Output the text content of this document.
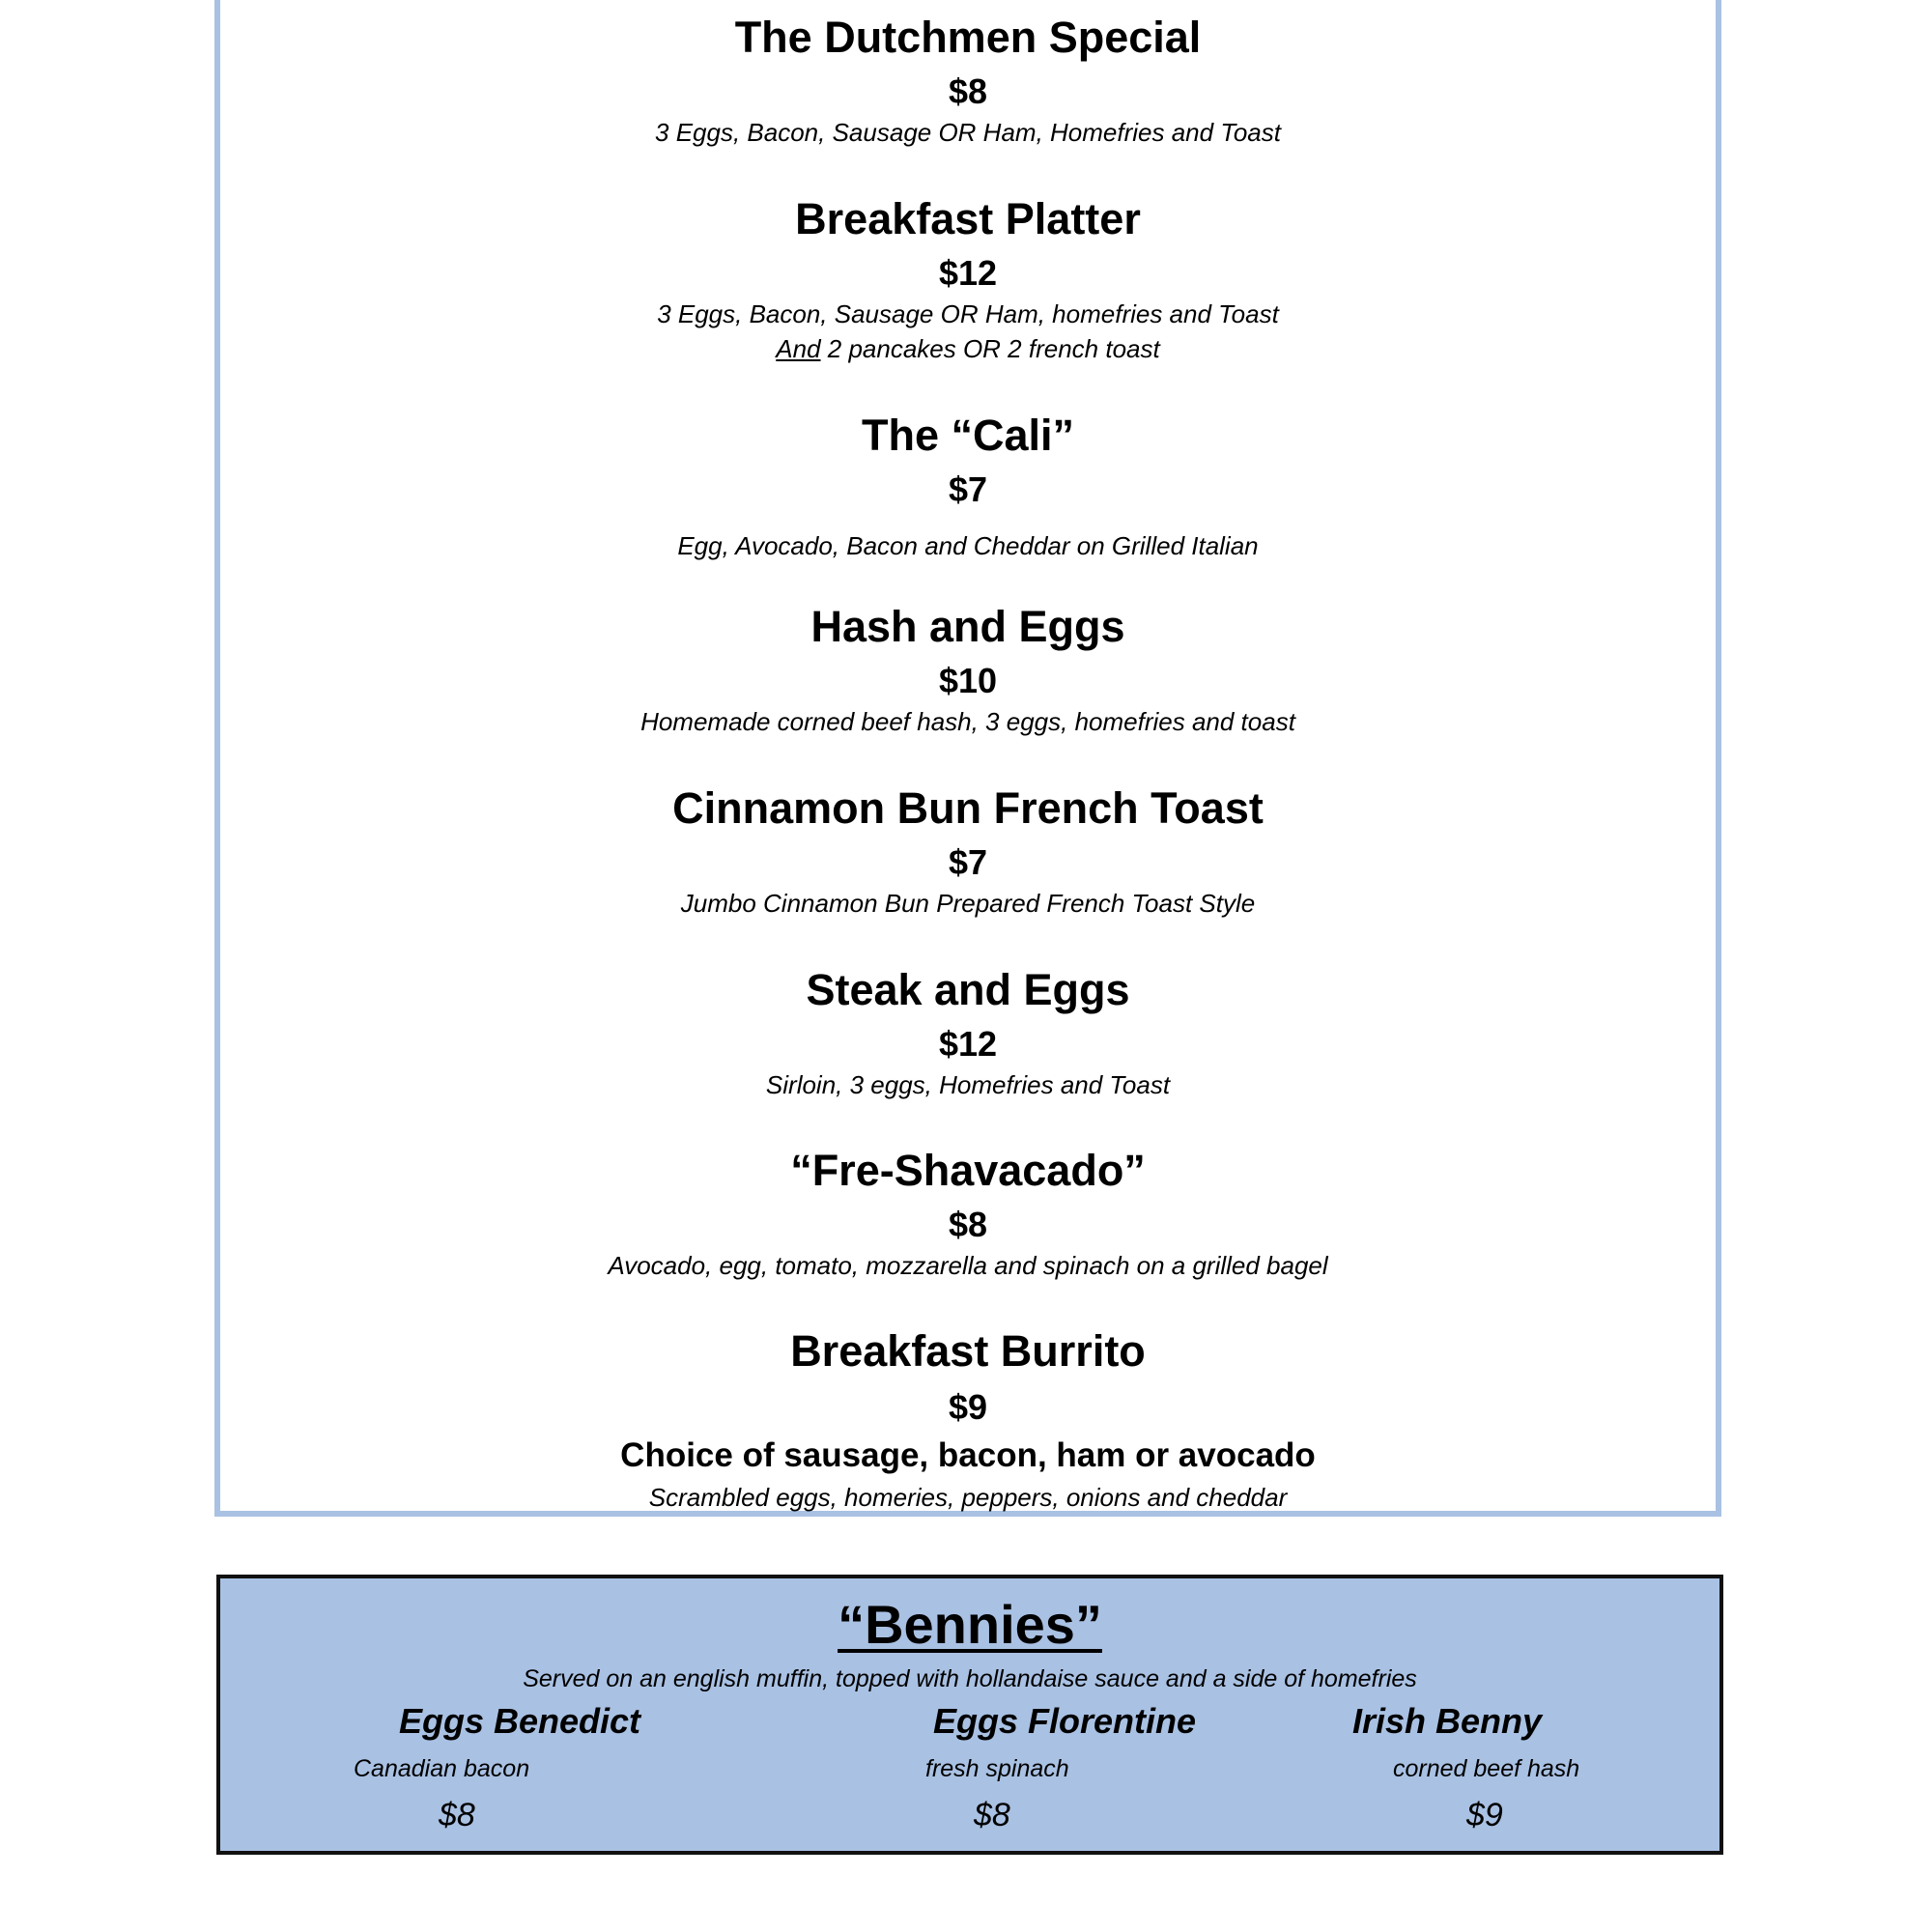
The Dutchmen Special
$8
3 Eggs, Bacon, Sausage OR Ham, Homefries and Toast
Breakfast Platter
$12
3 Eggs, Bacon, Sausage OR Ham, homefries and Toast
And 2 pancakes OR 2 french toast
The “Cali”
$7
Egg, Avocado, Bacon and Cheddar on Grilled Italian
Hash and Eggs
$10
Homemade corned beef hash, 3 eggs, homefries and toast
Cinnamon Bun French Toast
$7
Jumbo Cinnamon Bun Prepared French Toast Style
Steak and Eggs
$12
Sirloin, 3 eggs, Homefries and Toast
“Fre-Shavacado”
$8
Avocado, egg, tomato, mozzarella and spinach on a grilled bagel
Breakfast Burrito
$9
Choice of sausage, bacon, ham or avocado
Scrambled eggs, homeries, peppers, onions and cheddar
“Bennies”
Served on an english muffin, topped with hollandaise sauce and a side of homefries
Eggs Benedict
Canadian bacon
$8
Eggs Florentine
fresh spinach
$8
Irish Benny
corned beef hash
$9
